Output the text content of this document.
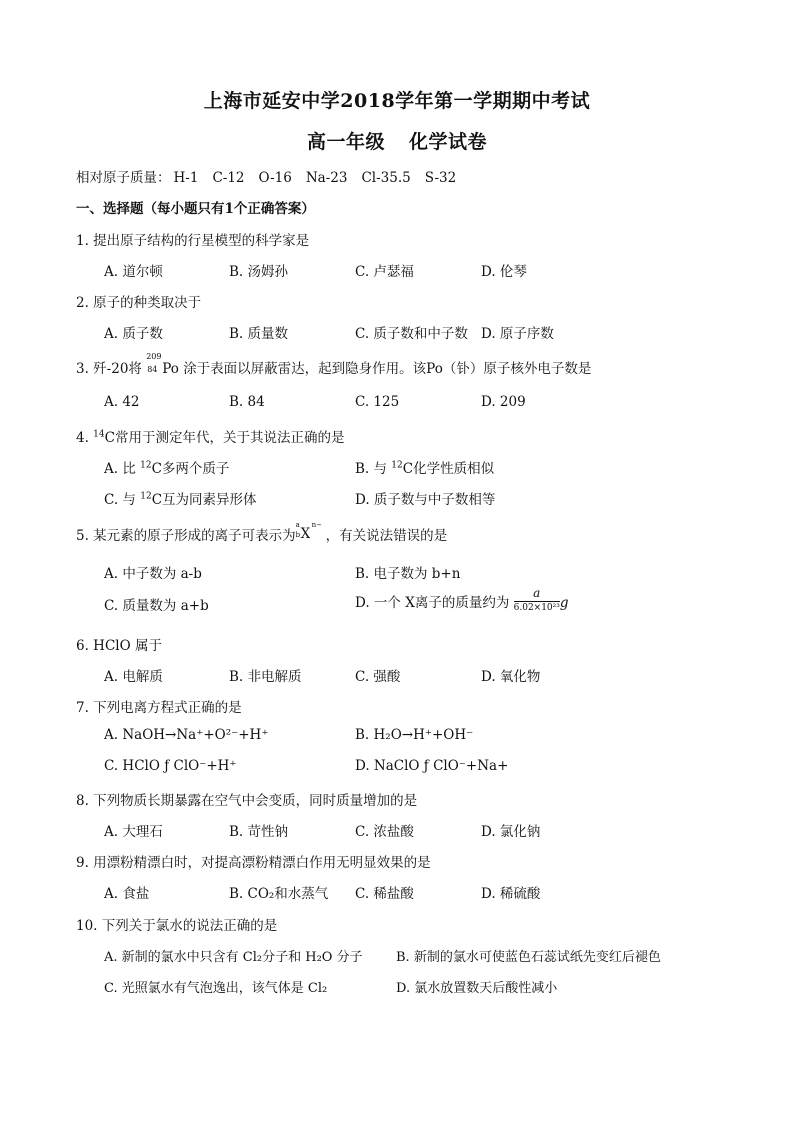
上海市延安中学2018学年第一学期期中考试
高一年级 化学试卷
相对原子质量： H-1 C-12 O-16 Na-23 Cl-35.5 S-32
一、选择题（每小题只有1个正确答案）
1. 提出原子结构的行星模型的科学家是
A. 道尔顿	B. 汤姆孙	C. 卢瑟福	D. 伦琴
2. 原子的种类取决于
A. 质子数	B. 质量数	C. 质子数和中子数 D. 原子序数
3. 歼-20将
209
84 Po 涂于表面以屏蔽雷达，起到隐身作用。该Po（钋）原子核外电子数是
A. 42	B. 84	C. 125	D. 209
4. $^{14}$C常用于测定年代，关于其说法正确的是
A. 比 $^{12}$C多两个质子	B. 与 $^{12}$C化学性质相似
C. 与 $^{12}$C互为同素异形体	D. 质子数与中子数相等
5. 某元素的原子形成的离子可表示为
a
b X
n−
，有关说法错误的是
A. 中子数为 a-b	B. 电子数为 b+n
C. 质量数为 a+b	D. 一个 X离子的质量约为 $\frac{a}{\text{6.02×10²³}}$ g
6. HClO 属于
A. 电解质	B. 非电解质	C. 强酸	D. 氧化物
7. 下列电离方程式正确的是
A. NaOH→Na⁺+O²⁻+H⁺	B. H₂O→H⁺+OH⁻
C. HClO ƒ ClO⁻+H⁺	D. NaClO ƒ ClO⁻+Na+
8. 下列物质长期暴露在空气中会变质，同时质量增加的是
A. 大理石	B. 苛性钠	C. 浓盐酸	D. 氯化钠
9. 用漂粉精漂白时，对提高漂粉精漂白作用无明显效果的是
A. 食盐	B. CO₂和水蒸气 C. 稀盐酸	D. 稀硫酸
10. 下列关于氯水的说法正确的是
A. 新制的氯水中只含有 Cl₂分子和 H₂O 分子	B. 新制的氯水可使蓝色石蕊试纸先变红后褪色
C. 光照氯水有气泡逸出，该气体是 Cl₂	D. 氯水放置数天后酸性减小
